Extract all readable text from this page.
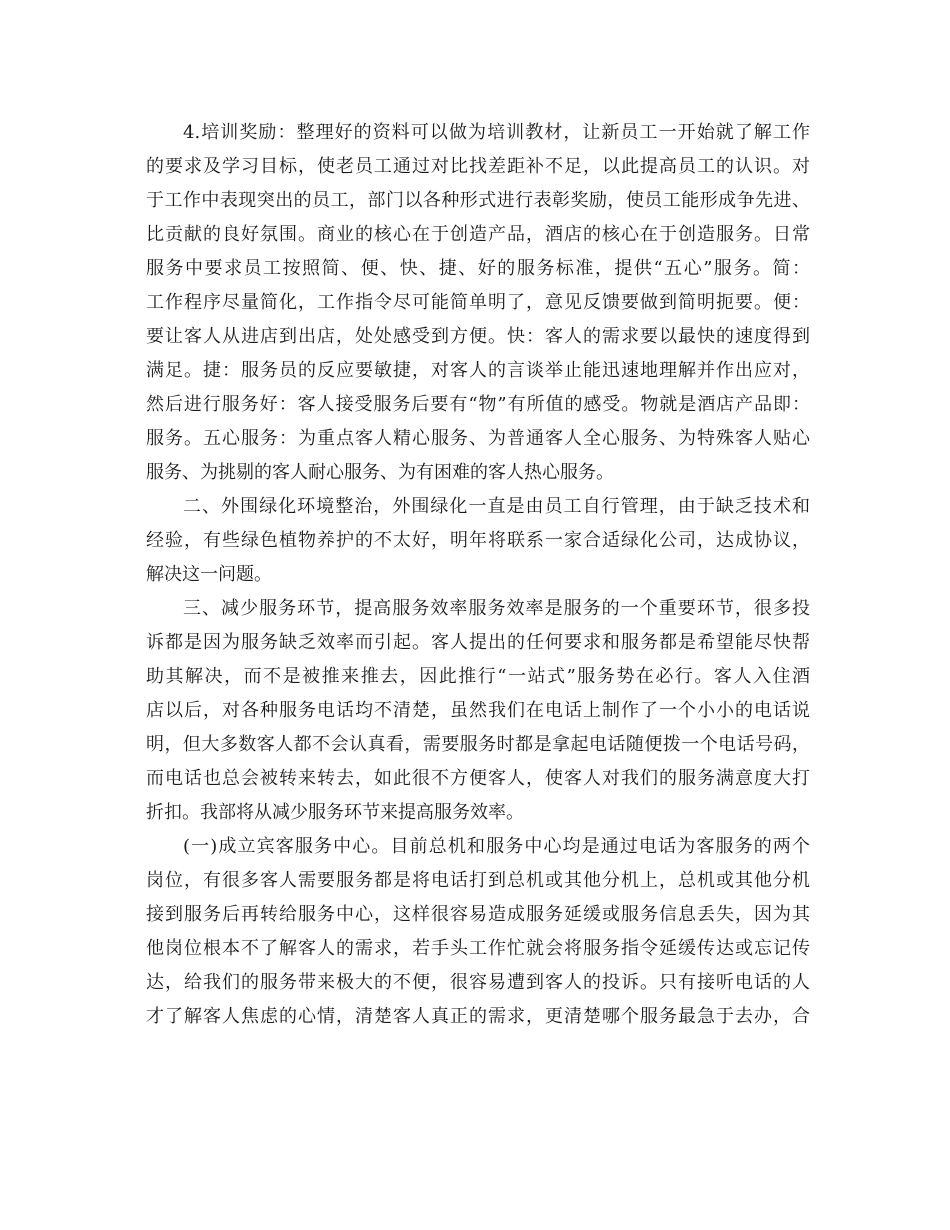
4.培训奖励：整理好的资料可以做为培训教材，让新员工一开始就了解工作
的要求及学习目标，使老员工通过对比找差距补不足，以此提高员工的认识。对
于工作中表现突出的员工，部门以各种形式进行表彰奖励，使员工能形成争先进、
比贡献的良好氛围。商业的核心在于创造产品，酒店的核心在于创造服务。日常
服务中要求员工按照简、便、快、捷、好的服务标准，提供“五心”服务。简：
工作程序尽量简化，工作指令尽可能简单明了，意见反馈要做到简明扼要。便：
要让客人从进店到出店，处处感受到方便。快：客人的需求要以最快的速度得到
满足。捷：服务员的反应要敏捷，对客人的言谈举止能迅速地理解并作出应对，
然后进行服务好：客人接受服务后要有“物”有所值的感受。物就是酒店产品即：
服务。五心服务：为重点客人精心服务、为普通客人全心服务、为特殊客人贴心
服务、为挑剔的客人耐心服务、为有困难的客人热心服务。
二、外围绿化环境整治，外围绿化一直是由员工自行管理，由于缺乏技术和
经验，有些绿色植物养护的不太好，明年将联系一家合适绿化公司，达成协议，
解决这一问题。
三、减少服务环节，提高服务效率服务效率是服务的一个重要环节，很多投
诉都是因为服务缺乏效率而引起。客人提出的任何要求和服务都是希望能尽快帮
助其解决，而不是被推来推去，因此推行“一站式”服务势在必行。客人入住酒
店以后，对各种服务电话均不清楚，虽然我们在电话上制作了一个小小的电话说
明，但大多数客人都不会认真看，需要服务时都是拿起电话随便拨一个电话号码，
而电话也总会被转来转去，如此很不方便客人，使客人对我们的服务满意度大打
折扣。我部将从减少服务环节来提高服务效率。
(一)成立宾客服务中心。目前总机和服务中心均是通过电话为客服务的两个
岗位，有很多客人需要服务都是将电话打到总机或其他分机上，总机或其他分机
接到服务后再转给服务中心，这样很容易造成服务延缓或服务信息丢失，因为其
他岗位根本不了解客人的需求，若手头工作忙就会将服务指令延缓传达或忘记传
达，给我们的服务带来极大的不便，很容易遭到客人的投诉。只有接听电话的人
才了解客人焦虑的心情，清楚客人真正的需求，更清楚哪个服务最急于去办，合
